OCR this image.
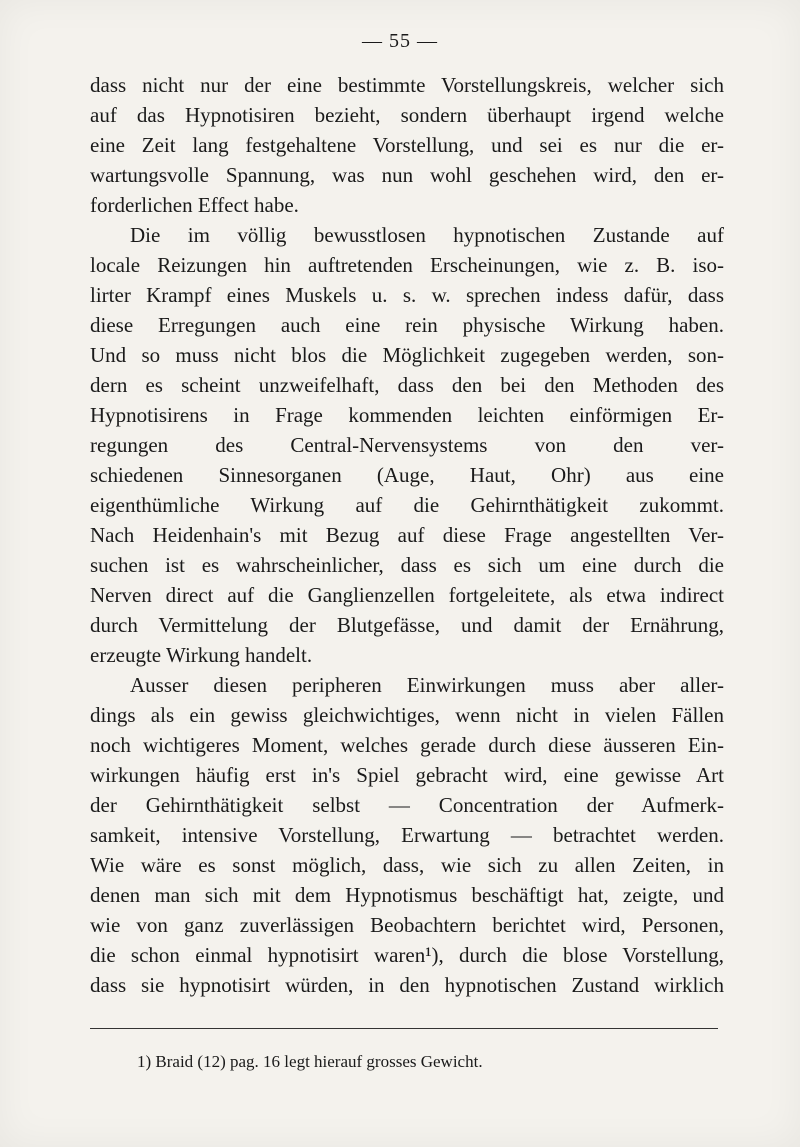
— 55 —
dass nicht nur der eine bestimmte Vorstellungskreis, welcher sich
auf das Hypnotisiren bezieht, sondern überhaupt irgend welche
eine Zeit lang festgehaltene Vorstellung, und sei es nur die er-
wartungsvolle Spannung, was nun wohl geschehen wird, den er-
forderlichen Effect habe.
Die im völlig bewusstlosen hypnotischen Zustande auf
locale Reizungen hin auftretenden Erscheinungen, wie z. B. iso-
lirter Krampf eines Muskels u. s. w. sprechen indess dafür, dass
diese Erregungen auch eine rein physische Wirkung haben.
Und so muss nicht blos die Möglichkeit zugegeben werden, son-
dern es scheint unzweifelhaft, dass den bei den Methoden des
Hypnotisirens in Frage kommenden leichten einförmigen Er-
regungen des Central-Nervensystems von den ver-
schiedenen Sinnesorganen (Auge, Haut, Ohr) aus eine
eigenthümliche Wirkung auf die Gehirnthätigkeit zukommt.
Nach Heidenhain's mit Bezug auf diese Frage angestellten Ver-
suchen ist es wahrscheinlicher, dass es sich um eine durch die
Nerven direct auf die Ganglienzellen fortgeleitete, als etwa indirect
durch Vermittelung der Blutgefässe, und damit der Ernährung,
erzeugte Wirkung handelt.
Ausser diesen peripheren Einwirkungen muss aber aller-
dings als ein gewiss gleichwichtiges, wenn nicht in vielen Fällen
noch wichtigeres Moment, welches gerade durch diese äusseren Ein-
wirkungen häufig erst in's Spiel gebracht wird, eine gewisse Art
der Gehirnthätigkeit selbst — Concentration der Aufmerk-
samkeit, intensive Vorstellung, Erwartung — betrachtet werden.
Wie wäre es sonst möglich, dass, wie sich zu allen Zeiten, in
denen man sich mit dem Hypnotismus beschäftigt hat, zeigte, und
wie von ganz zuverlässigen Beobachtern berichtet wird, Personen,
die schon einmal hypnotisirt waren¹), durch die blose Vorstellung,
dass sie hypnotisirt würden, in den hypnotischen Zustand wirklich
1) Braid (12) pag. 16 legt hierauf grosses Gewicht.
